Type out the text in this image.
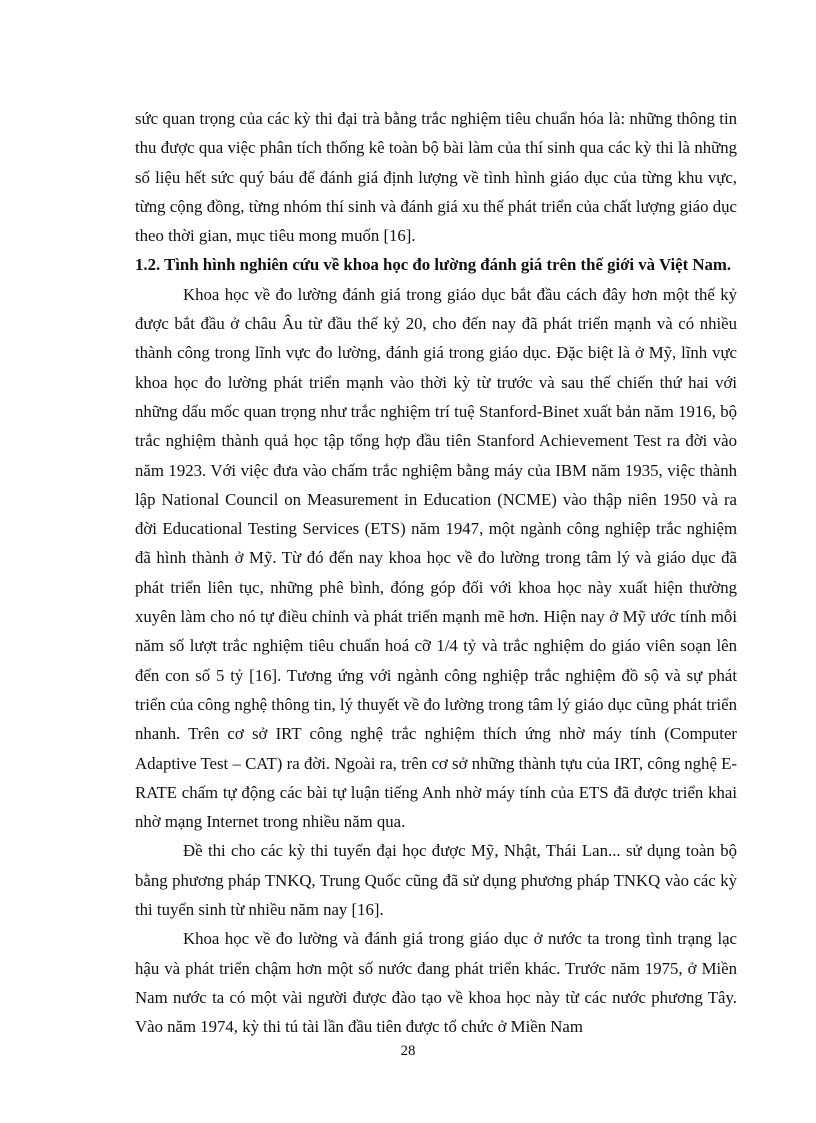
sức quan trọng của các kỳ thi đại trà bằng trắc nghiệm tiêu chuẩn hóa là: những thông tin thu được qua việc phân tích thống kê toàn bộ bài làm của thí sinh qua các kỳ thi là những số liệu hết sức quý báu để đánh giá định lượng về tình hình giáo dục của từng khu vực, từng cộng đồng, từng nhóm thí sinh và đánh giá xu thế phát triển của chất lượng giáo dục theo thời gian, mục tiêu mong muốn [16].

1.2. Tình hình nghiên cứu về khoa học đo lường đánh giá trên thế giới và Việt Nam.

Khoa học về đo lường đánh giá trong giáo dục bắt đầu cách đây hơn một thế kỷ được bắt đầu ở châu Âu từ đầu thế kỷ 20, cho đến nay đã phát triển mạnh và có nhiều thành công trong lĩnh vực đo lường, đánh giá trong giáo dục. Đặc biệt là ở Mỹ, lĩnh vực khoa học đo lường phát triển mạnh vào thời kỳ từ trước và sau thế chiến thứ hai với những dấu mốc quan trọng như trắc nghiệm trí tuệ Stanford-Binet xuất bản năm 1916, bộ trắc nghiệm thành quả học tập tổng hợp đầu tiên Stanford Achievement Test ra đời vào năm 1923. Với việc đưa vào chấm trắc nghiệm bằng máy của IBM năm 1935, việc thành lập National Council on Measurement in Education (NCME) vào thập niên 1950 và ra đời Educational Testing Services (ETS) năm 1947, một ngành công nghiệp trắc nghiệm đã hình thành ở Mỹ. Từ đó đến nay khoa học về đo lường trong tâm lý và giáo dục đã phát triển liên tục, những phê bình, đóng góp đối với khoa học này xuất hiện thường xuyên làm cho nó tự điều chỉnh và phát triển mạnh mẽ hơn. Hiện nay ở Mỹ ước tính mỗi năm số lượt trắc nghiệm tiêu chuẩn hoá cỡ 1/4 tỷ và trắc nghiệm do giáo viên soạn lên đến con số 5 tỷ [16]. Tương ứng với ngành công nghiệp trắc nghiệm đồ sộ và sự phát triển của công nghệ thông tin, lý thuyết về đo lường trong tâm lý giáo dục cũng phát triển nhanh. Trên cơ sở IRT công nghệ trắc nghiệm thích ứng nhờ máy tính (Computer Adaptive Test – CAT) ra đời. Ngoài ra, trên cơ sở những thành tựu của IRT, công nghệ E-RATE chấm tự động các bài tự luận tiếng Anh nhờ máy tính của ETS đã được triển khai nhờ mạng Internet trong nhiều năm qua.

Đề thi cho các kỳ thi tuyển đại học được Mỹ, Nhật, Thái Lan... sử dụng toàn bộ bằng phương pháp TNKQ, Trung Quốc cũng đã sử dụng phương pháp TNKQ vào các kỳ thi tuyển sinh từ nhiều năm nay [16].

Khoa học về đo lường và đánh giá trong giáo dục ở nước ta trong tình trạng lạc hậu và phát triển chậm hơn một số nước đang phát triển khác. Trước năm 1975, ở Miền Nam nước ta có một vài người được đào tạo về khoa học này từ các nước phương Tây. Vào năm 1974, kỳ thi tú tài lần đầu tiên được tổ chức ở Miền Nam

28
